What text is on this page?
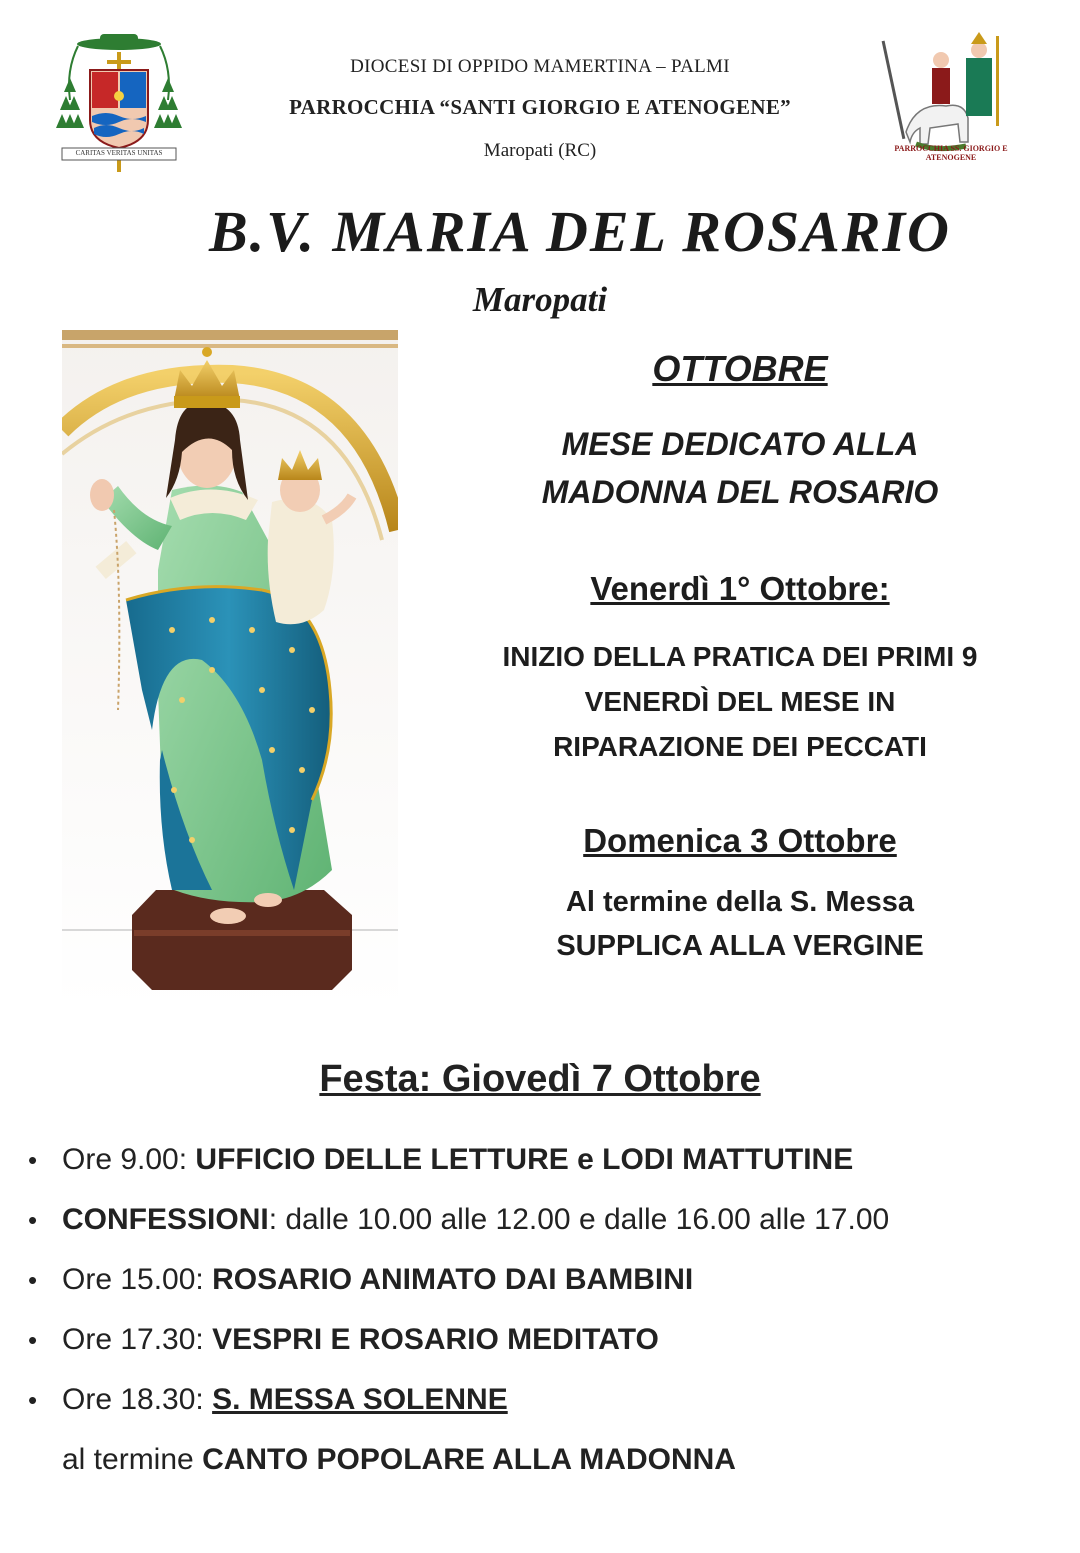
CARITAS VERITAS UNITAS	PARROCCHIA SS. GIORGIO E ATENOGENE
DIOCESI DI OPPIDO MAMERTINA – PALMI
PARROCCHIA “SANTI GIORGIO E ATENOGENE”
Maropati (RC)
B.V. MARIA DEL ROSARIO
Maropati
OTTOBRE
MESE DEDICATO ALLA
MADONNA DEL ROSARIO
Venerdì 1° Ottobre:
INIZIO DELLA PRATICA DEI PRIMI 9
VENERDÌ DEL MESE IN
RIPARAZIONE DEI PECCATI
Domenica 3 Ottobre
Al termine della S. Messa
SUPPLICA ALLA VERGINE
Festa: Giovedì 7 Ottobre
• Ore 9.00: UFFICIO DELLE LETTURE e LODI MATTUTINE
• CONFESSIONI: dalle 10.00 alle 12.00 e dalle 16.00 alle 17.00
• Ore 15.00: ROSARIO ANIMATO DAI BAMBINI
• Ore 17.30: VESPRI E ROSARIO MEDITATO
• Ore 18.30: S. MESSA SOLENNE
al termine CANTO POPOLARE ALLA MADONNA
